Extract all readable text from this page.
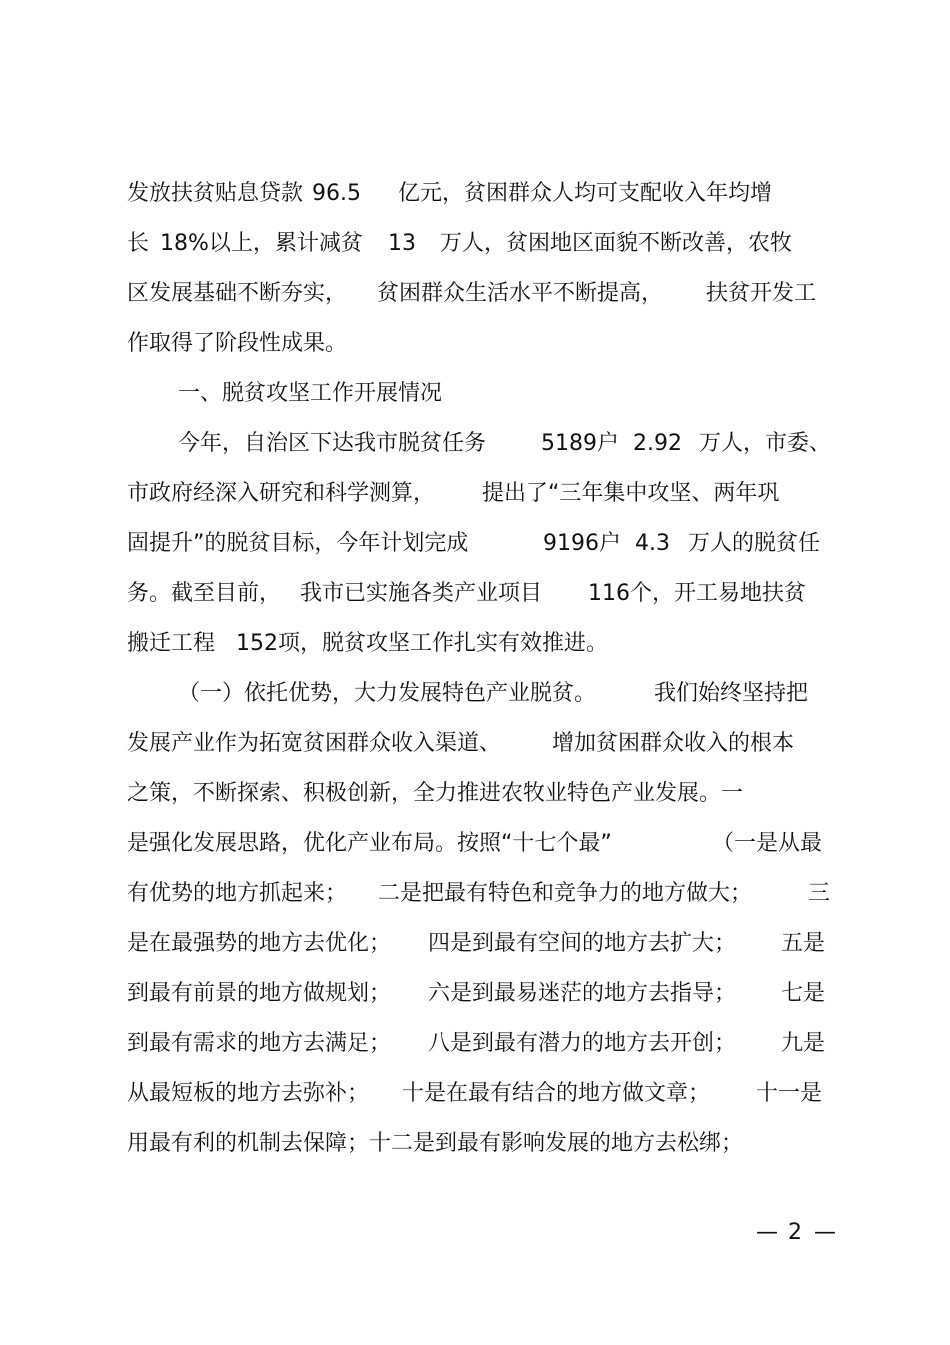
发放扶贫贴息贷款 96.5 亿元，贫困群众人均可支配收入年均增
长 18%以上，累计减贫 13 万人，贫困地区面貌不断改善，农牧
区发展基础不断夯实， 贫困群众生活水平不断提高， 扶贫开发工
作取得了阶段性成果。
一、脱贫攻坚工作开展情况
今年，自治区下达我市脱贫任务 5189户 2.92 万人，市委、
市政府经深入研究和科学测算， 提出了“三年集中攻坚、两年巩
固提升”的脱贫目标，今年计划完成	9196户 4.3 万人的脱贫任
务。截至目前， 我市已实施各类产业项目 116个，开工易地扶贫
搬迁工程 152项，脱贫攻坚工作扎实有效推进。
（一）依托优势，大力发展特色产业脱贫。	我们始终坚持把
发展产业作为拓宽贫困群众收入渠道、 增加贫困群众收入的根本
之策，不断探索、积极创新，全力推进农牧业特色产业发展。一
是强化发展思路，优化产业布局。按照“十七个最”	（一是从最
有优势的地方抓起来； 二是把最有特色和竞争力的地方做大；	三
是在最强势的地方去优化； 四是到最有空间的地方去扩大； 五是
到最有前景的地方做规划； 六是到最易迷茫的地方去指导； 七是
到最有需求的地方去满足； 八是到最有潜力的地方去开创； 九是
从最短板的地方去弥补； 十是在最有结合的地方做文章； 十一是
用最有利的机制去保障；十二是到最有影响发展的地方去松绑；
— 2 —
